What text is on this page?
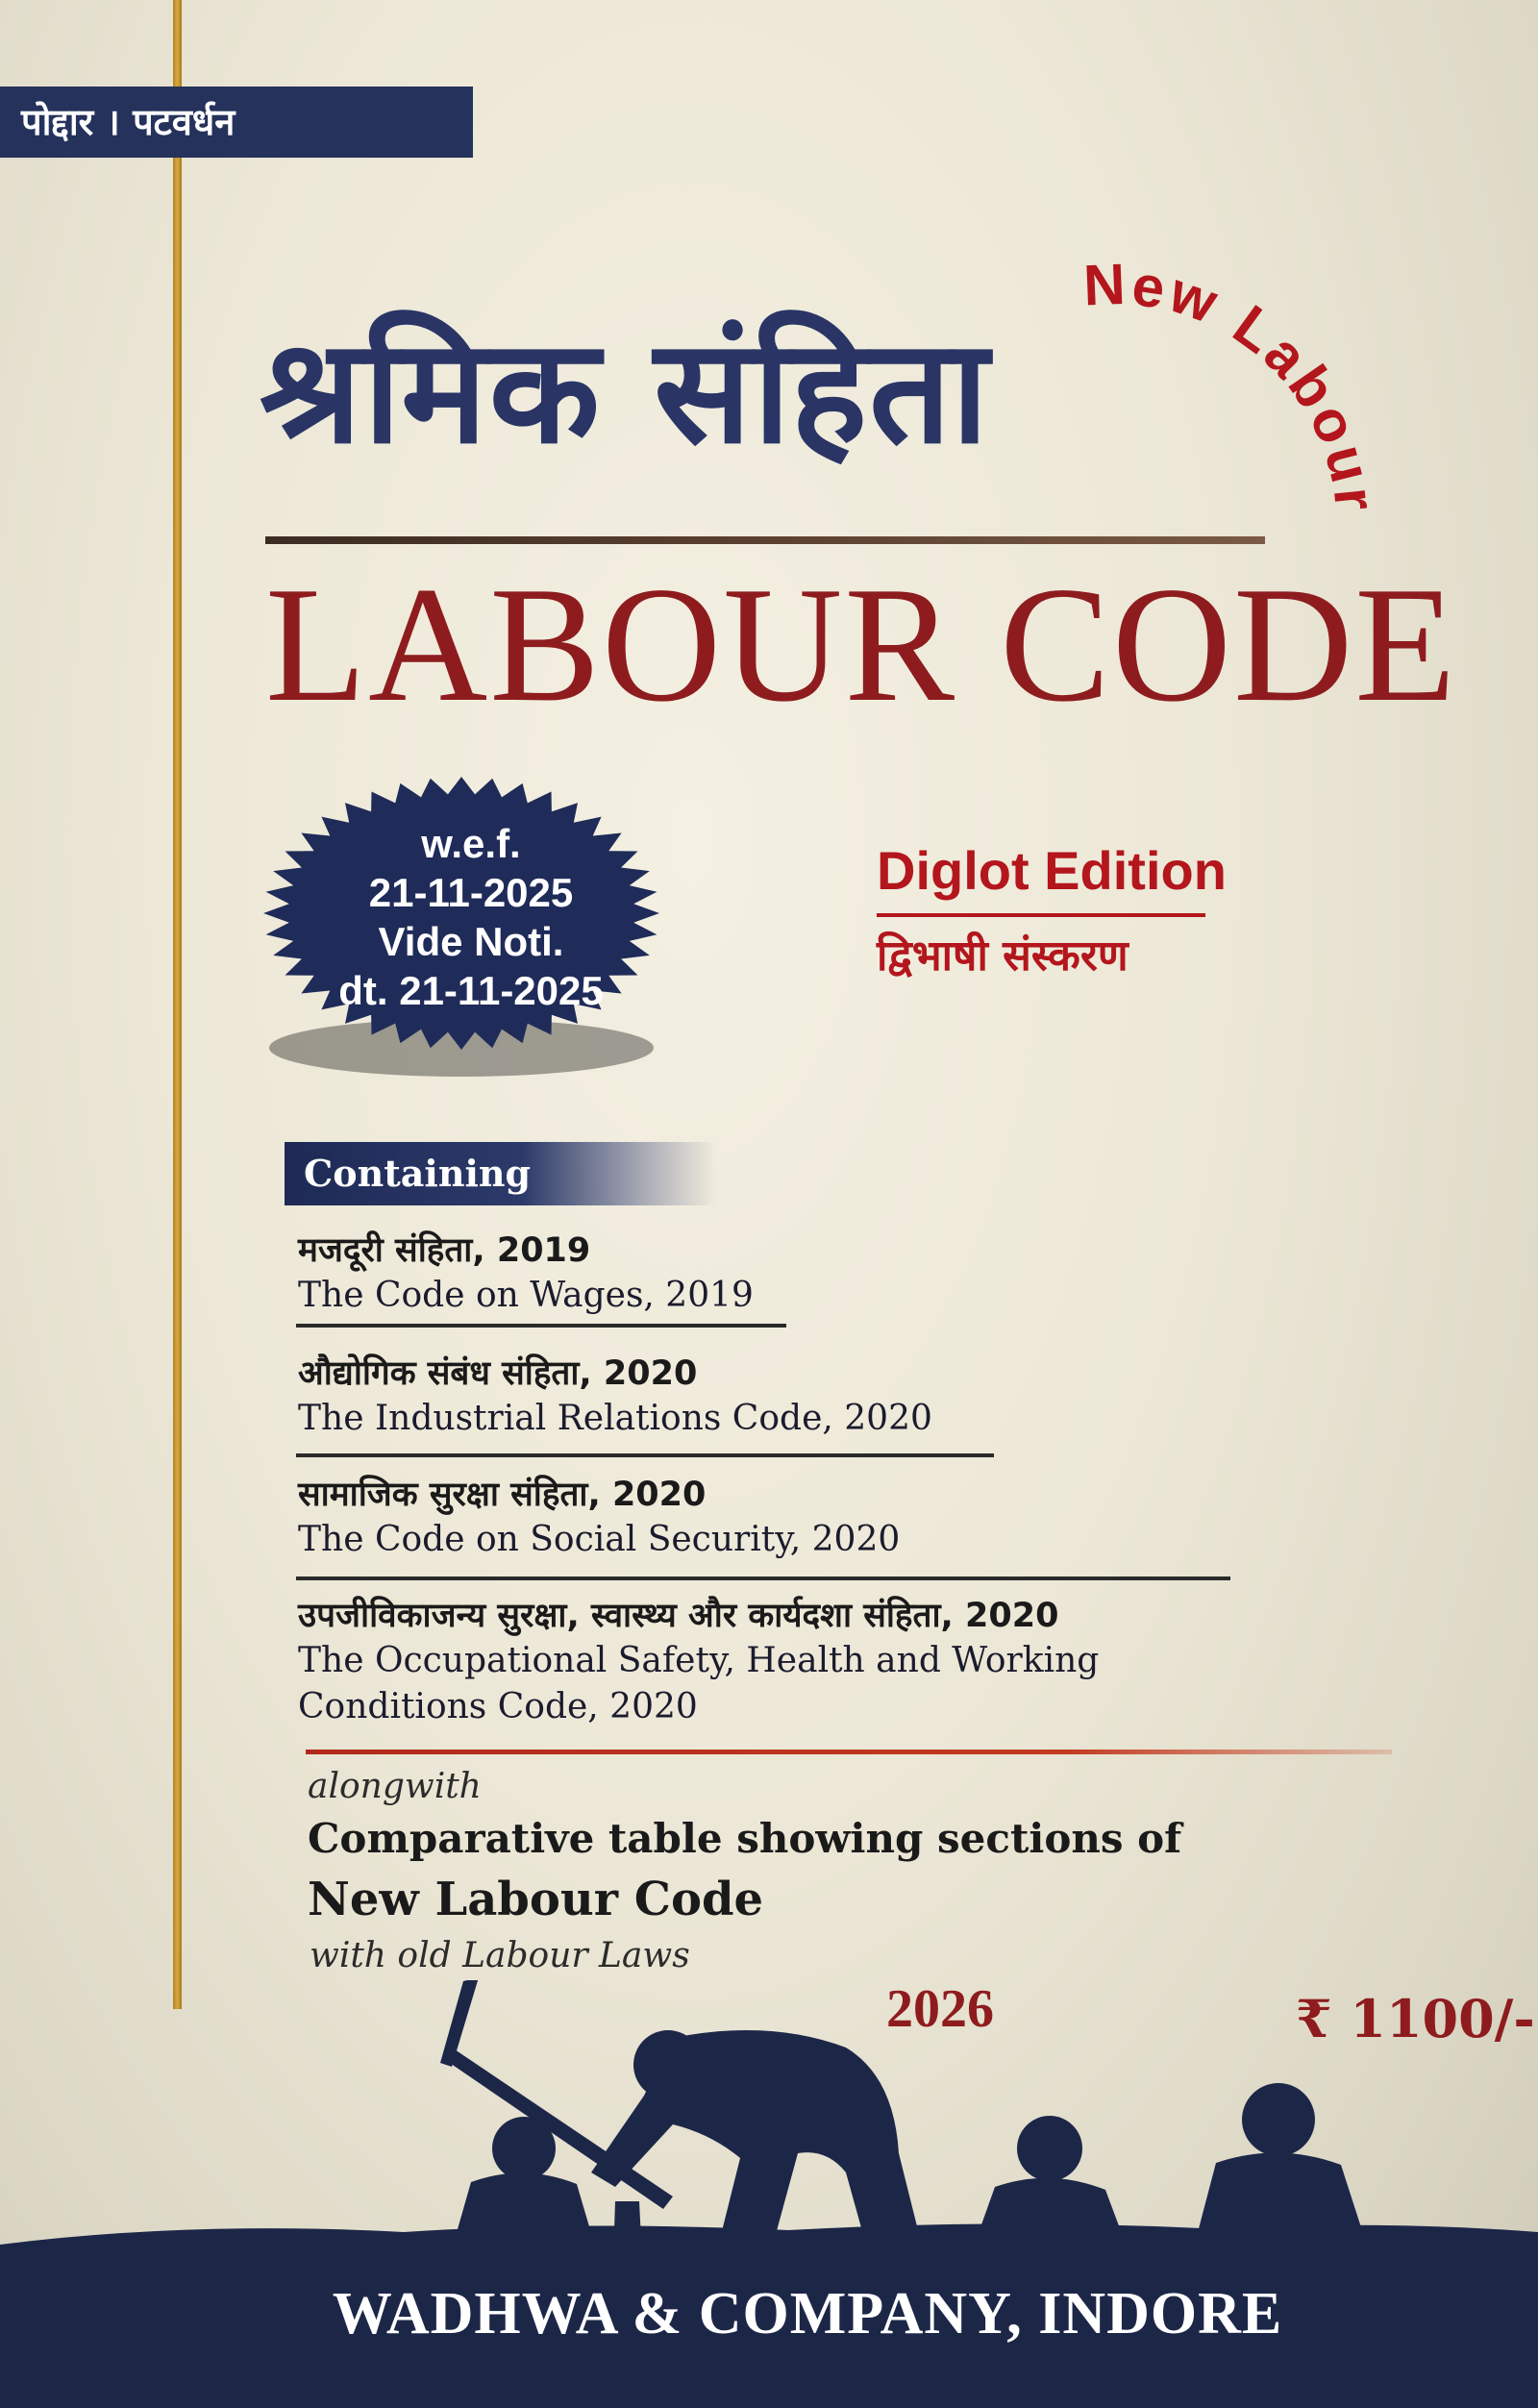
पोद्दार । पटवर्धन
श्रमिक संहिता
New Labour Laws
LABOUR CODE
w.e.f.
21-11-2025
Vide Noti.
dt. 21-11-2025
Diglot Edition
द्विभाषी संस्करण
Containing
मजदूरी संहिता, 2019
The Code on Wages, 2019
औद्योगिक संबंध संहिता, 2020
The Industrial Relations Code, 2020
सामाजिक सुरक्षा संहिता, 2020
The Code on Social Security, 2020
उपजीविकाजन्य सुरक्षा, स्वास्थ्य और कार्यदशा संहिता, 2020
The Occupational Safety, Health and Working
Conditions Code, 2020
alongwith
Comparative table showing sections of
New Labour Code
with old Labour Laws
2026	₹ 1100/-
WADHWA & COMPANY, INDORE
